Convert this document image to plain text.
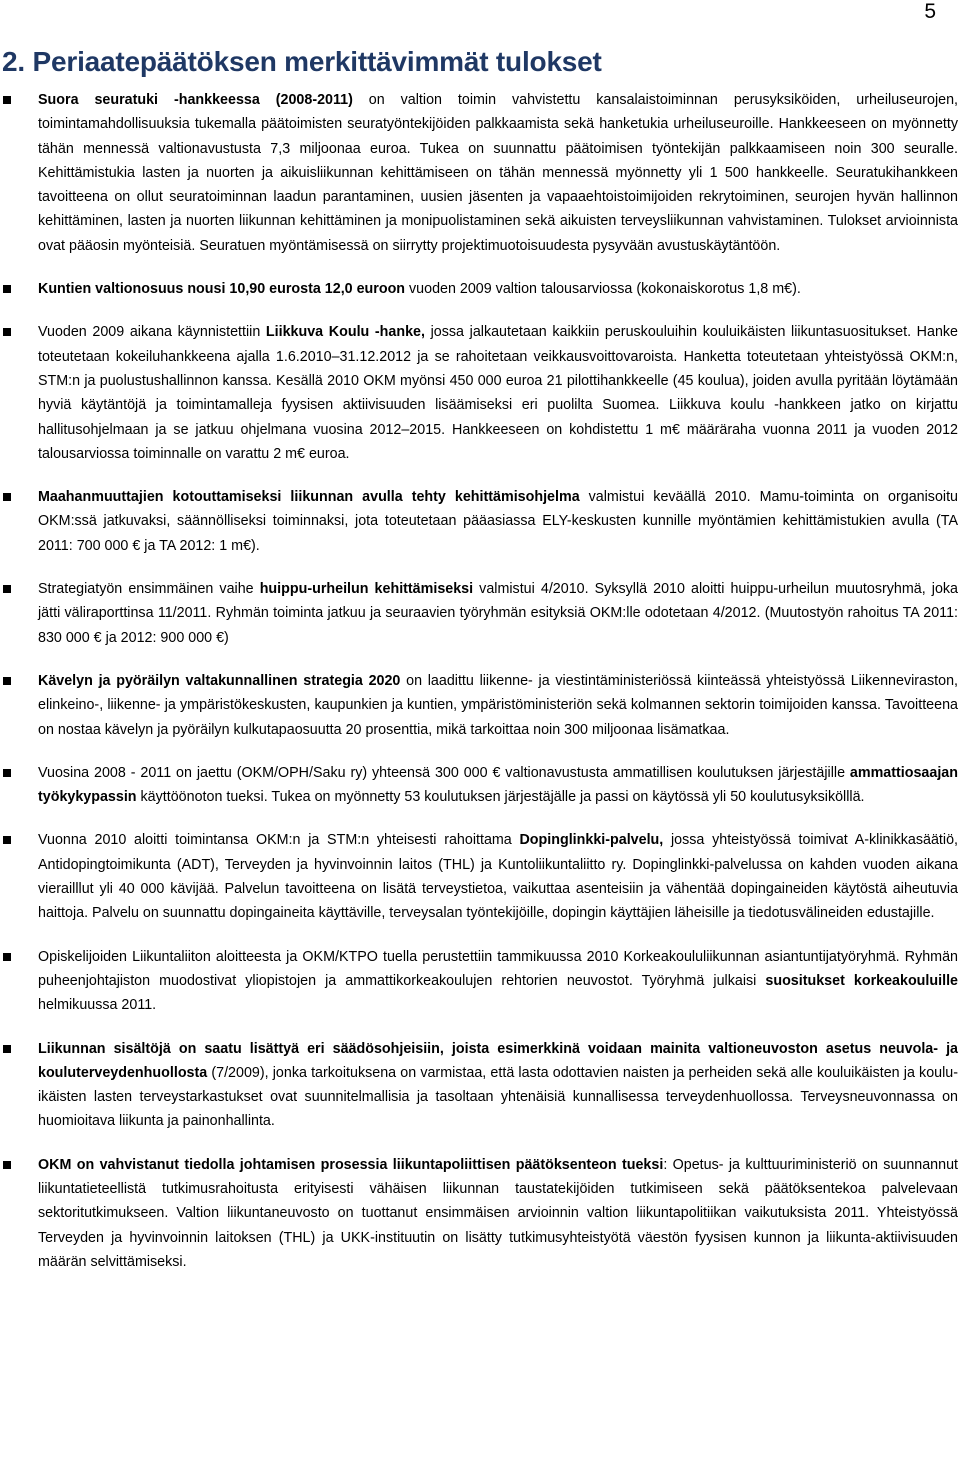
5
2. Periaatepäätöksen merkittävimmät tulokset
Suora seuratuki -hankkeessa (2008-2011) on valtion toimin vahvistettu kansalaistoiminnan perusyksiköiden, urheiluseurojen, toimintamahdollisuuksia tukemalla päätoimisten seuratyöntekijöiden palkkaamista sekä hanketukia urheiluseuroille. Hankkeeseen on myönnetty tähän mennessä valtionavustusta 7,3 miljoonaa euroa. Tukea on suunnattu päätoimisen työntekijän palkkaamiseen noin 300 seuralle. Kehittämistukia lasten ja nuorten ja aikuisliikunnan kehittämiseen on tähän mennessä myönnetty yli 1 500 hankkeelle. Seuratukihankkeen tavoitteena on ollut seuratoiminnan laadun parantaminen, uusien jäsenten ja vapaaehtoistoimijoiden rekrytoiminen, seurojen hyvän hallinnon kehittäminen, lasten ja nuorten liikunnan kehittäminen ja monipuolistaminen sekä aikuisten terveysliikunnan vahvistaminen. Tulokset arvioinnista ovat pääosin myönteisiä. Seuratuen myöntämisessä on siirrytty projektimuotoisuudesta pysyvään avustuskäytäntöön.
Kuntien valtionosuus nousi 10,90 eurosta 12,0 euroon vuoden 2009 valtion talousarviossa (kokonaiskorotus 1,8 m€).
Vuoden 2009 aikana käynnistettiin Liikkuva Koulu -hanke, jossa jalkautetaan kaikkiin peruskouluihin kouluikäisten liikuntasuositukset. Hanke toteutetaan kokeiluhankkeena ajalla 1.6.2010–31.12.2012 ja se rahoitetaan veikkausvoittovaroista. Hanketta toteutetaan yhteistyössä OKM:n, STM:n ja puolustushallinnon kanssa. Kesällä 2010 OKM myönsi 450 000 euroa 21 pilottihankkeelle (45 koulua), joiden avulla pyritään löytämään hyviä käytäntöjä ja toimintamalleja fyysisen aktiivisuuden lisäämiseksi eri puolilta Suomea. Liikkuva koulu -hankkeen jatko on kirjattu hallitusohjelmaan ja se jatkuu ohjelmana vuosina 2012–2015. Hankkeeseen on kohdistettu 1 m€ määräraha vuonna 2011 ja vuoden 2012 talousarviossa toiminnalle on varattu 2 m€ euroa.
Maahanmuuttajien kotouttamiseksi liikunnan avulla tehty kehittämisohjelma valmistui keväällä 2010. Mamu-toiminta on organisoitu OKM:ssä jatkuvaksi, säännölliseksi toiminnaksi, jota toteutetaan pääasiassa ELY-keskusten kunnille myöntämien kehittämistukien avulla (TA 2011: 700 000 € ja TA 2012: 1 m€).
Strategiatyön ensimmäinen vaihe huippu-urheilun kehittämiseksi valmistui 4/2010. Syksyllä 2010 aloitti huippu-urheilun muutosryhmä, joka jätti väliraporttinsa 11/2011. Ryhmän toiminta jatkuu ja seuraavien työryhmän esityksiä OKM:lle odotetaan 4/2012. (Muutostyön rahoitus TA 2011: 830 000 € ja 2012: 900 000 €)
Kävelyn ja pyöräilyn valtakunnallinen strategia 2020 on laadittu liikenne- ja viestintäministeriössä kiinteässä yhteistyössä Liikenneviraston, elinkeino-, liikenne- ja ympäristökeskusten, kaupunkien ja kuntien, ympäristöministeriön sekä kolmannen sektorin toimijoiden kanssa. Tavoitteena on nostaa kävelyn ja pyöräilyn kulkutapaosuutta 20 prosenttia, mikä tarkoittaa noin 300 miljoonaa lisämatkaa.
Vuosina 2008 - 2011 on jaettu (OKM/OPH/Saku ry) yhteensä 300 000 € valtionavustusta ammatillisen koulutuksen järjestäjille ammattiosaajan työkykypassin käyttöönoton tueksi. Tukea on myönnetty 53 koulutuksen järjestäjälle ja passi on käytössä yli 50 koulutusyksikölllä.
Vuonna 2010 aloitti toimintansa OKM:n ja STM:n yhteisesti rahoittama Dopinglinkki-palvelu, jossa yhteistyössä toimivat A-klinikkasäätiö, Antidopingtoimikunta (ADT), Terveyden ja hyvinvoinnin laitos (THL) ja Kuntoliikuntaliitto ry. Dopinglinkki-palvelussa on kahden vuoden aikana vierailllut yli 40 000 kävijää. Palvelun tavoitteena on lisätä terveystietoa, vaikuttaa asenteisiin ja vähentää dopingaineiden käytöstä aiheutuvia haittoja. Palvelu on suunnattu dopingaineita käyttäville, terveysalan työntekijöille, dopingin käyttäjien läheisille ja tiedotusvälineiden edustajille.
Opiskelijoiden Liikuntaliiton aloitteesta ja OKM/KTPO tuella perustettiin tammikuussa 2010 Korkeakoululiikunnan asiantuntijatyöryhmä. Ryhmän puheenjohtajiston muodostivat yliopistojen ja ammattikorkeakoulujen rehtorien neuvostot. Työryhmä julkaisi suositukset korkeakouluille helmikuussa 2011.
Liikunnan sisältöjä on saatu lisättyä eri säädösohjeisiin, joista esimerkkinä voidaan mainita valtioneuvoston asetus neuvola- ja kouluterveydenhuollosta (7/2009), jonka tarkoituksena on varmistaa, että lasta odottavien naisten ja perheiden sekä alle kouluikäisten ja koulu-ikäisten lasten terveystarkastukset ovat suunnitelmallisia ja tasoltaan yhtenäisiä kunnallisessa terveydenhuollossa. Terveysneuvonnassa on huomioitava liikunta ja painonhallinta.
OKM on vahvistanut tiedolla johtamisen prosessia liikuntapoliittisen päätöksenteon tueksi: Opetus- ja kulttuuriministeriö on suunnannut liikuntatieteellistä tutkimusrahoitusta erityisesti vähäisen liikunnan taustatekijöiden tutkimiseen sekä päätöksentekoa palvelevaan sektoritutkimukseen. Valtion liikuntaneuvosto on tuottanut ensimmäisen arvioinnin valtion liikuntapolitiikan vaikutuksista 2011. Yhteistyössä Terveyden ja hyvinvoinnin laitoksen (THL) ja UKK-instituutin on lisätty tutkimusyhteistyötä väestön fyysisen kunnon ja liikunta-aktiivisuuden määrän selvittämiseksi.
